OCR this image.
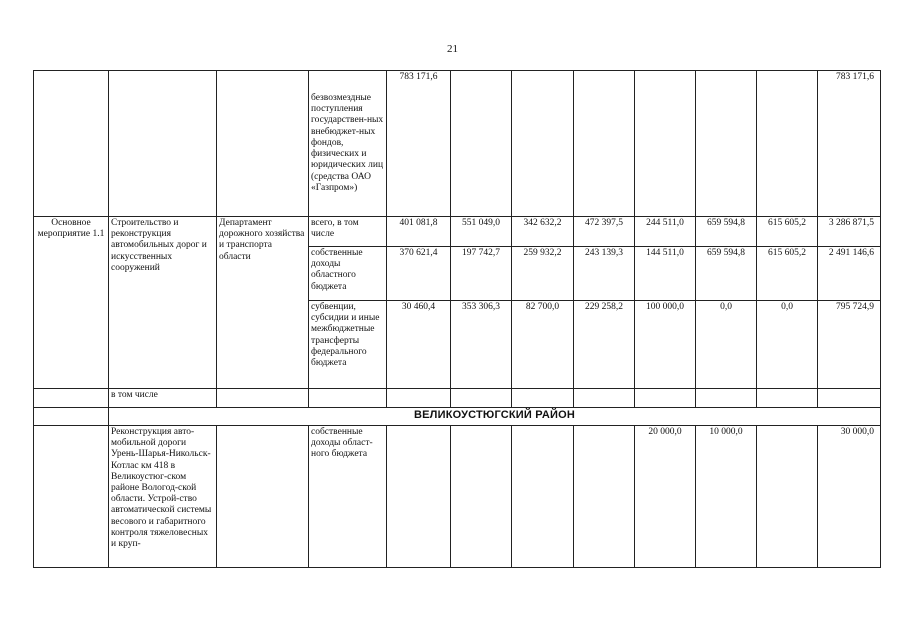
21
			безвозмездные поступления государствен-ных внебюджет-ных фондов, физических и юридических лиц (средства ОАО «Газпром»)	783 171,6							783 171,6
Основное мероприятие 1.1	Строительство и реконструкция автомобильных дорог и искусственных сооружений	Департамент дорожного хозяйства и транспорта области	всего, в том числе	401 081,8	551 049,0	342 632,2	472 397,5	244 511,0	659 594,8	615 605,2	3 286 871,5
			собственные доходы областного бюджета	370 621,4	197 742,7	259 932,2	243 139,3	144 511,0	659 594,8	615 605,2	2 491 146,6
			субвенции, субсидии и иные межбюджетные трансферты федерального бюджета	30 460,4	353 306,3	82 700,0	229 258,2	100 000,0	0,0	0,0	795 724,9
	в том числе										
	ВЕЛИКОУСТЮГСКИЙ РАЙОН										

	Реконструкция авто-мобильной дороги Урень-Шарья-Никольск-Котлас км 418 в Великоустюг-ском районе Вологод-ской области. Устрой-ство автоматической системы весового и габаритного контроля тяжеловесных и круп-		собственные доходы област-ного бюджета					20 000,0	10 000,0		30 000,0
